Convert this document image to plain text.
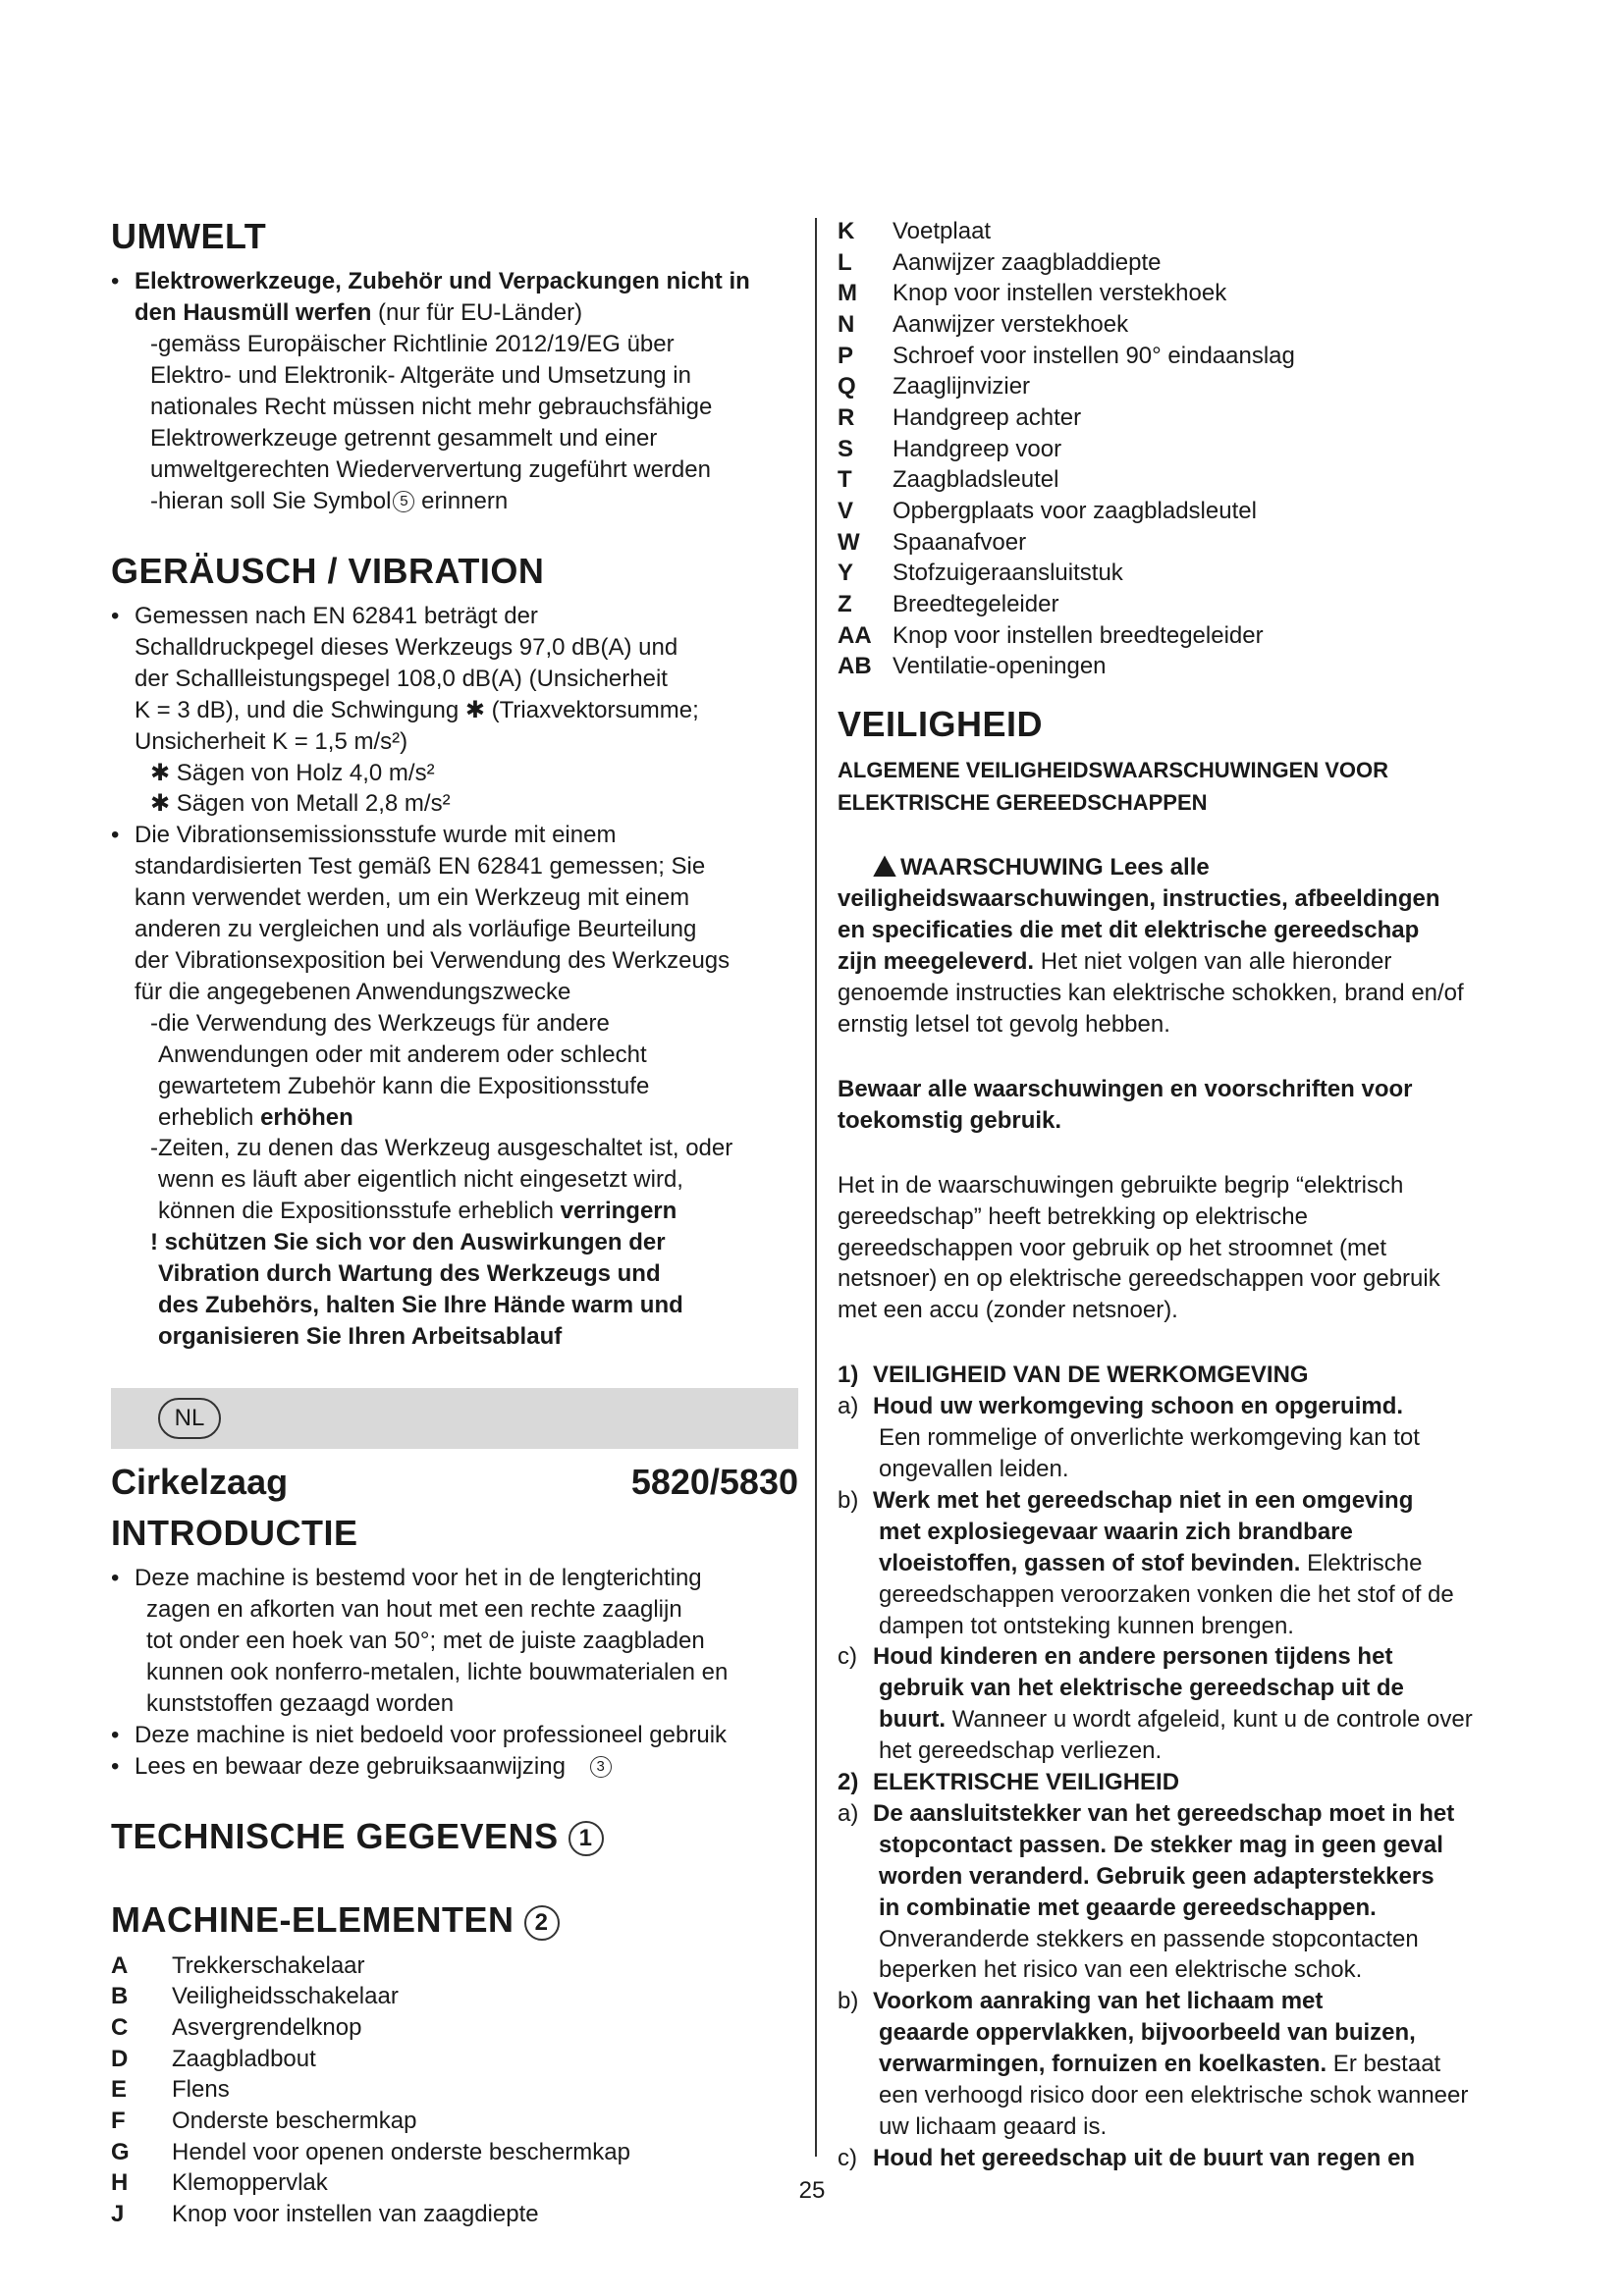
UMWELT
• Elektrowerkzeuge, Zubehör und Verpackungen nicht in den Hausmüll werfen (nur für EU-Länder)

-gemäss Europäischer Richtlinie 2012/19/EG über

Elektro- und Elektronik- Altgeräte und Umsetzung in

nationales Recht müssen nicht mehr gebrauchsfähige

Elektrowerkzeuge getrennt gesammelt und einer

umweltgerechten Wiederververtung zugeführt werden

-hieran soll Sie Symbol 5 erinnern

GERÄUSCH / VIBRATION

• Gemessen nach EN 62841 beträgt der

Schalldruckpegel dieses Werkzeugs 97,0 dB(A) und

der Schallleistungspegel 108,0 dB(A) (Unsicherheit

K = 3 dB), und die Schwingung ✱ (Triaxvektorsumme;

Unsicherheit K = 1,5 m/s²)

✱ Sägen von Holz 4,0 m/s²

✱ Sägen von Metall 2,8 m/s²

• Die Vibrationsemissionsstufe wurde mit einem

standardisierten Test gemäß EN 62841 gemessen; Sie

kann verwendet werden, um ein Werkzeug mit einem

anderen zu vergleichen und als vorläufige Beurteilung

der Vibrationsexposition bei Verwendung des Werkzeugs

für die angegebenen Anwendungszwecke

-die Verwendung des Werkzeugs für andere

Anwendungen oder mit anderem oder schlecht

gewartetem Zubehör kann die Expositionsstufe

erheblich erhöhen

-Zeiten, zu denen das Werkzeug ausgeschaltet ist, oder

wenn es läuft aber eigentlich nicht eingesetzt wird,

können die Expositionsstufe erheblich verringern

! schützen Sie sich vor den Auswirkungen der

Vibration durch Wartung des Werkzeugs und

des Zubehörs, halten Sie Ihre Hände warm und

organisieren Sie Ihren Arbeitsablauf

NL
Cirkelzaag	5820/5830
INTRODUCTIE

• Deze machine is bestemd voor het in de lengterichting

zagen en afkorten van hout met een rechte zaaglijn

tot onder een hoek van 50°; met de juiste zaagbladen

kunnen ook nonferro-metalen, lichte bouwmaterialen en

kunststoffen gezaagd worden

• Deze machine is niet bedoeld voor professioneel gebruik
• Lees en bewaar deze gebruiksaanwijzing 3
TECHNISCHE GEGEVENS 1
MACHINE-ELEMENTEN 2
A	Trekkerschakelaar
B	Veiligheidsschakelaar
C	Asvergrendelknop
D	Zaagbladbout
E	Flens
F	Onderste beschermkap
G	Hendel voor openen onderste beschermkap
H	Klemoppervlak
J	Knop voor instellen van zaagdiepte
K	Voetplaat
L	Aanwijzer zaagbladdiepte
M	Knop voor instellen verstekhoek
N	Aanwijzer verstekhoek
P	Schroef voor instellen 90° eindaanslag
Q	Zaaglijnvizier
R	Handgreep achter
S	Handgreep voor
T	Zaagbladsleutel
V	Opbergplaats voor zaagbladsleutel
W	Spaanafvoer
Y	Stofzuigeraansluitstuk
Z	Breedtegeleider
AA Knop voor instellen breedtegeleider
AB Ventilatie-openingen
VEILIGHEID
ALGEMENE VEILIGHEIDSWAARSCHUWINGEN VOOR
ELEKTRISCHE GEREEDSCHAPPEN

WAARSCHUWING Lees alle

veiligheidswaarschuwingen, instructies, afbeeldingen

en specificaties die met dit elektrische gereedschap

zijn meegeleverd. Het niet volgen van alle hieronder

genoemde instructies kan elektrische schokken, brand en/of

ernstig letsel tot gevolg hebben.

Bewaar alle waarschuwingen en voorschriften voor

toekomstig gebruik.

Het in de waarschuwingen gebruikte begrip “elektrisch

gereedschap” heeft betrekking op elektrische

gereedschappen voor gebruik op het stroomnet (met

netsnoer) en op elektrische gereedschappen voor gebruik

met een accu (zonder netsnoer).

1) VEILIGHEID VAN DE WERKOMGEVING
a) Houd uw werkomgeving schoon en opgeruimd.

Een rommelige of onverlichte werkomgeving kan tot

ongevallen leiden.

b) Werk met het gereedschap niet in een omgeving

met explosiegevaar waarin zich brandbare

vloeistoffen, gassen of stof bevinden. Elektrische

gereedschappen veroorzaken vonken die het stof of de

dampen tot ontsteking kunnen brengen.

c) Houd kinderen en andere personen tijdens het

gebruik van het elektrische gereedschap uit de

buurt. Wanneer u wordt afgeleid, kunt u de controle over

het gereedschap verliezen.

2) ELEKTRISCHE VEILIGHEID
a) De aansluitstekker van het gereedschap moet in het

stopcontact passen. De stekker mag in geen geval

worden veranderd. Gebruik geen adapterstekkers

in combinatie met geaarde gereedschappen.

Onveranderde stekkers en passende stopcontacten

beperken het risico van een elektrische schok.

b) Voorkom aanraking van het lichaam met

geaarde oppervlakken, bijvoorbeeld van buizen,

verwarmingen, fornuizen en koelkasten. Er bestaat

een verhoogd risico door een elektrische schok wanneer

uw lichaam geaard is.

c) Houd het gereedschap uit de buurt van regen en

25
